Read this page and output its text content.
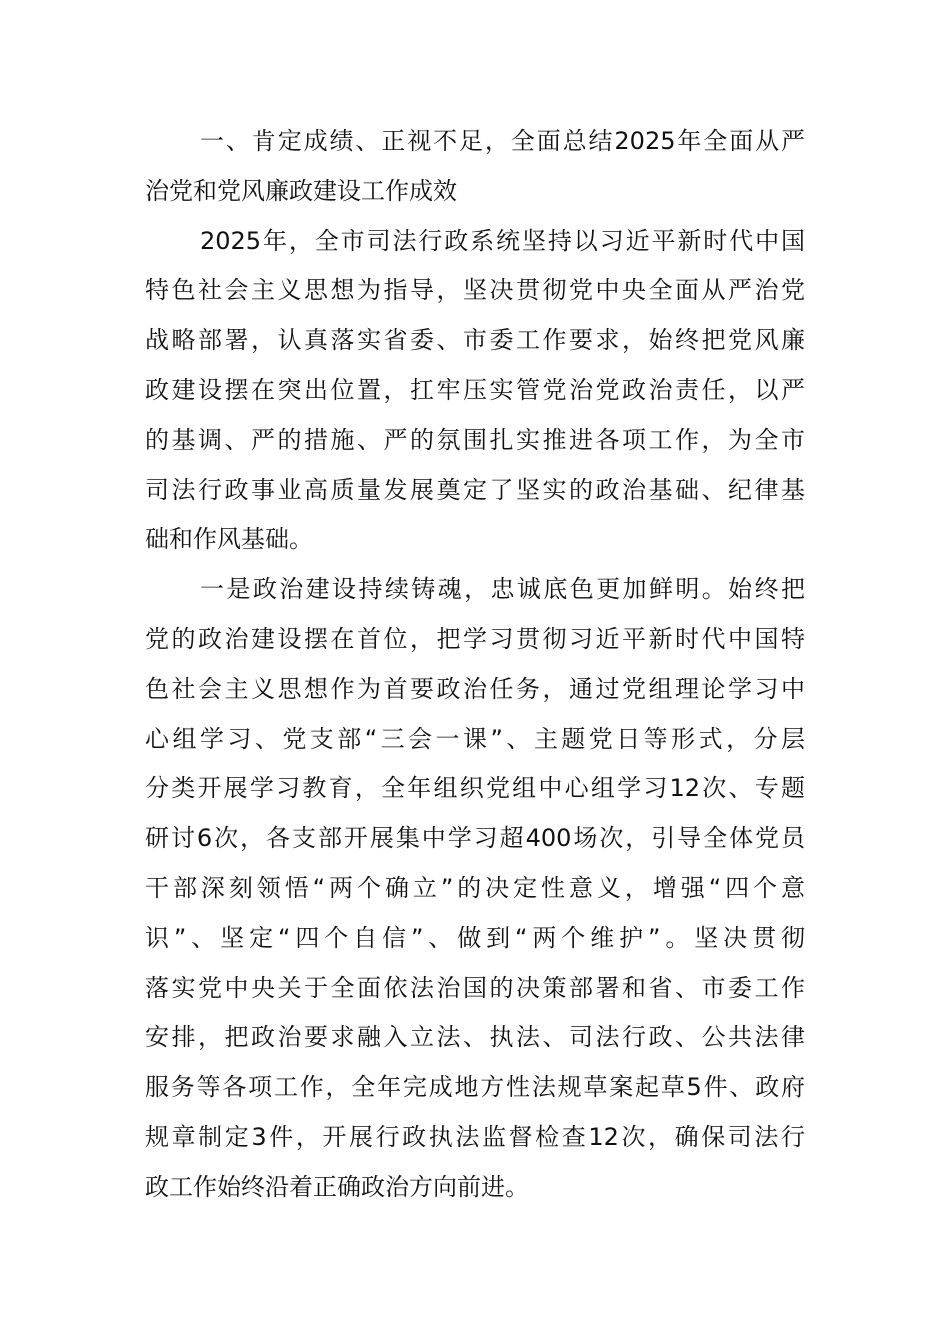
一、肯定成绩、正视不足，全面总结2025年全面从严
治党和党风廉政建设工作成效
2025年，全市司法行政系统坚持以习近平新时代中国
特色社会主义思想为指导，坚决贯彻党中央全面从严治党
战略部署，认真落实省委、市委工作要求，始终把党风廉
政建设摆在突出位置，扛牢压实管党治党政治责任，以严
的基调、严的措施、严的氛围扎实推进各项工作，为全市
司法行政事业高质量发展奠定了坚实的政治基础、纪律基
础和作风基础。
一是政治建设持续铸魂，忠诚底色更加鲜明。始终把
党的政治建设摆在首位，把学习贯彻习近平新时代中国特
色社会主义思想作为首要政治任务，通过党组理论学习中
心组学习、党支部“三会一课”、主题党日等形式，分层
分类开展学习教育，全年组织党组中心组学习12次、专题
研讨6次，各支部开展集中学习超400场次，引导全体党员
干部深刻领悟“两个确立”的决定性意义，增强“四个意
识”、坚定“四个自信”、做到“两个维护”。坚决贯彻
落实党中央关于全面依法治国的决策部署和省、市委工作
安排，把政治要求融入立法、执法、司法行政、公共法律
服务等各项工作，全年完成地方性法规草案起草5件、政府
规章制定3件，开展行政执法监督检查12次，确保司法行
政工作始终沿着正确政治方向前进。
